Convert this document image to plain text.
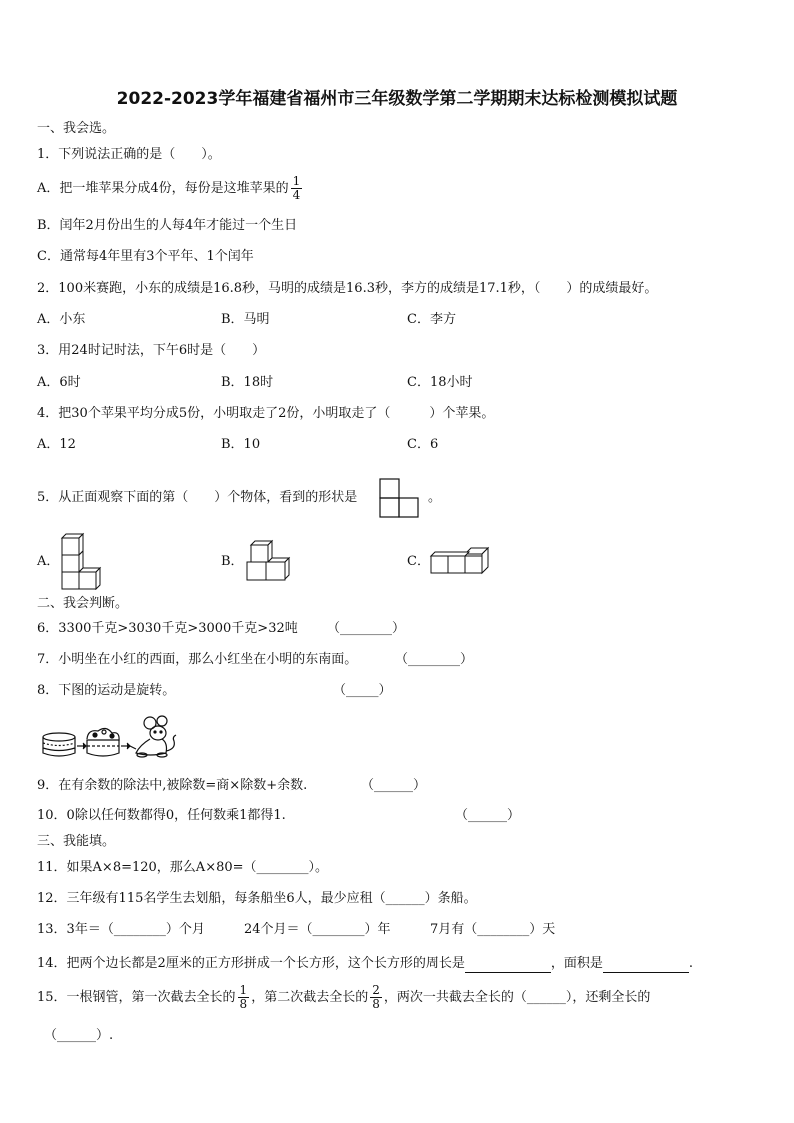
2022-2023学年福建省福州市三年级数学第二学期期末达标检测模拟试题
一、我会选。
1．下列说法正确的是（　　）。
A．把一堆苹果分成4份，每份是这堆苹果的 $\frac{1}{4}$
B．闰年2月份出生的人每4年才能过一个生日
C．通常每4年里有3个平年、1个闰年
2．100米赛跑，小东的成绩是16.8秒，马明的成绩是16.3秒，李方的成绩是17.1秒，（　　）的成绩最好。
A．小东	B．马明	C．李方
3．用24时记时法，下午6时是（　　）
A．6时	B．18时	C．18小时
4．把30个苹果平均分成5份，小明取走了2份，小明取走了（　　　）个苹果。
A．12	B．10	C．6
5．从正面观察下面的第（　　）个物体，看到的形状是	。
A．	B．	C．
二、我会判断。
6．3300千克>3030千克>3000千克>32吨 （________）
7．小明坐在小红的西面，那么小红坐在小明的东南面。	（________）
8．下图的运动是旋转。	（_____）
9．在有余数的除法中,被除数=商×除数+余数.	（______）
10．0除以任何数都得0，任何数乘1都得1.	（______）
三、我能填。
11．如果A×8=120，那么A×80=（________）。
12．三年级有115名学生去划船，每条船坐6人，最少应租（______）条船。
13．3年＝（________）个月	24个月＝（________）年	7月有（________）天
14．把两个边长都是2厘米的正方形拼成一个长方形，这个长方形的周长是	，面积是	.
15．一根钢管，第一次截去全长的 $\frac{1}{8}$ ，第二次截去全长的 $\frac{2}{8}$ ，两次一共截去全长的（______），还剩全长的
（______）.
